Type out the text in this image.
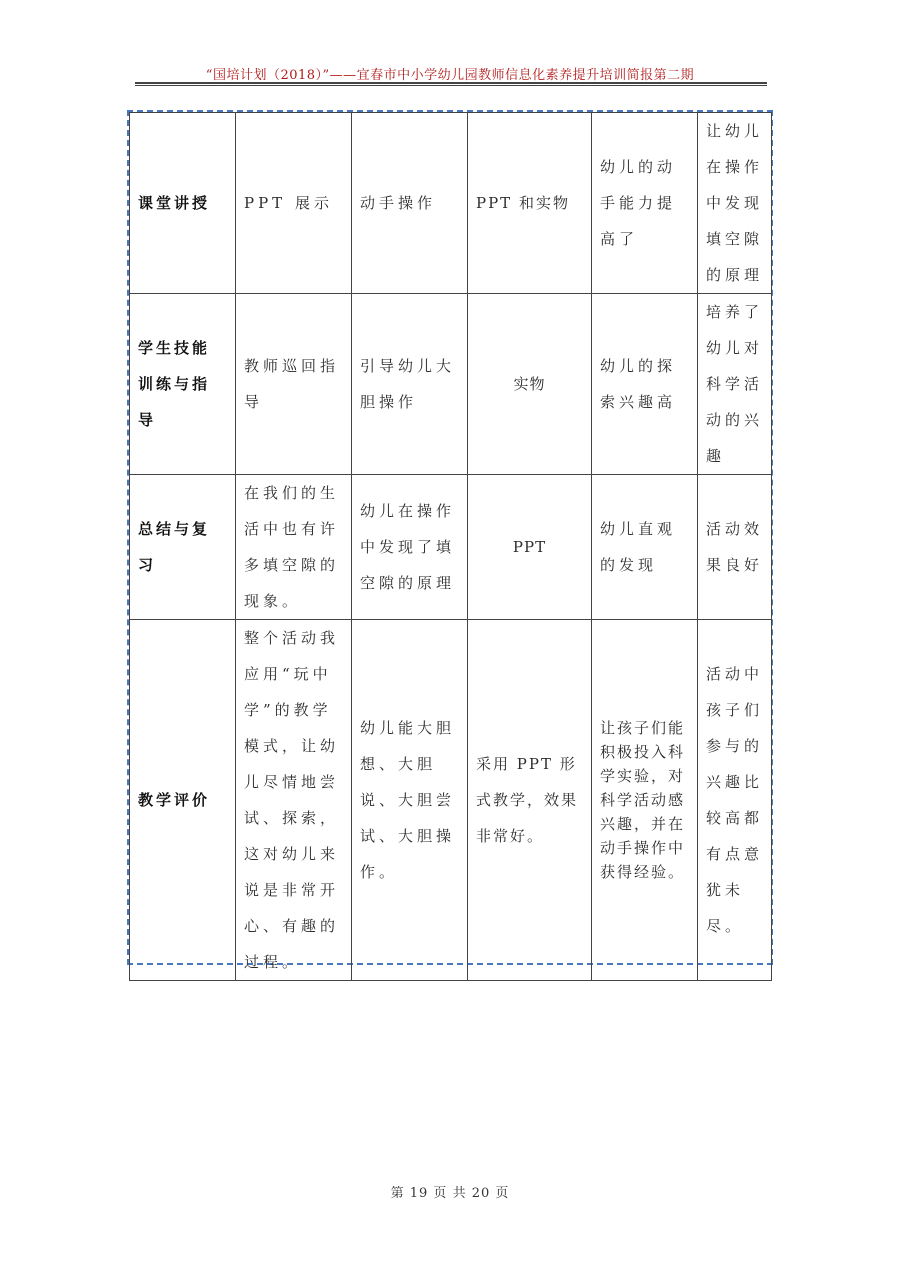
“国培计划（2018）”——宜春市中小学幼儿园教师信息化素养提升培训简报第二期
课堂讲授	PPT 展示	动手操作	PPT 和实物	幼儿的动手能力提高了	让幼儿在操作中发现填空隙的原理
学生技能训练与指导	教师巡回指导	引导幼儿大胆操作	实物	幼儿的探索兴趣高	培养了幼儿对科学活动的兴趣
总结与复习	在我们的生活中也有许多填空隙的现象。	幼儿在操作中发现了填空隙的原理	PPT	幼儿直观的发现	活动效果良好
教学评价	整个活动我应用“玩中学”的教学模式，让幼儿尽情地尝试、探索，这对幼儿来说是非常开心、有趣的过程。	幼儿能大胆想、大胆说、大胆尝试、大胆操作。	采用 PPT 形式教学，效果非常好。	让孩子们能积极投入科学实验，对科学活动感兴趣，并在动手操作中获得经验。	活动中孩子们参与的兴趣比较高都有点意犹未尽。
第 19 页 共 20 页
